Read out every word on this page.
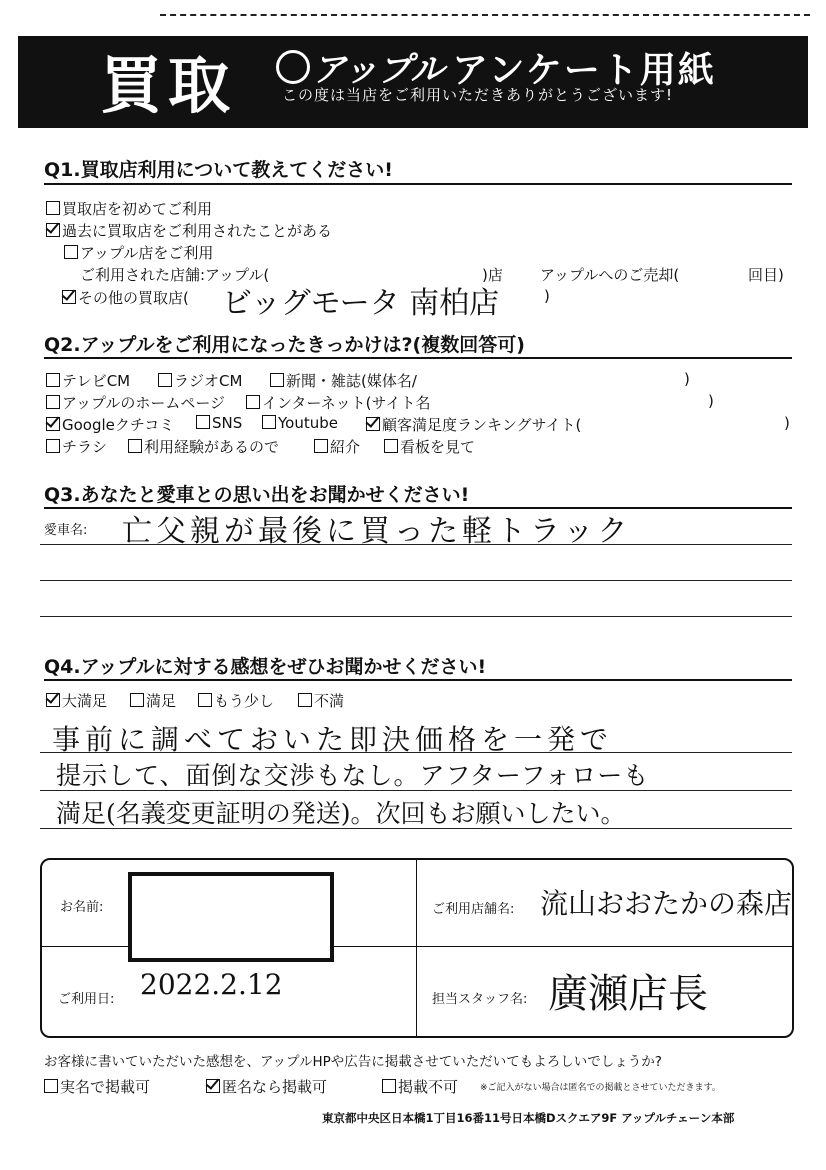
買取 アップル アンケート用紙
この度は当店をご利用いただきありがとうございます!
Q1.買取店利用について教えてください!
買取店を初めてご利用
過去に買取店をご利用されたことがある
アップル店をご利用
ご利用された店舗:アップル(	)店 アップルへのご売却(	回目)
その他の買取店( ビッグモータ 南柏店	)
Q2.アップルをご利用になったきっかけは?(複数回答可)
テレビCM	ラジオCM	新聞・雑誌(媒体名/	)
アップルのホームページ	インターネット(サイト名	)
Googleクチコミ	SNS	Youtube	顧客満足度ランキングサイト(	)
チラシ	利用経験があるので	紹介	看板を見て
Q3.あなたと愛車との思い出をお聞かせください!
愛車名: 亡父親が最後に買った軽トラック
Q4.アップルに対する感想をぜひお聞かせください!
大満足	満足	もう少し	不満
事前に調べておいた即決価格を一発で
提示して、面倒な交渉もなし。アフターフォローも
満足(名義変更証明の発送)。次回もお願いしたい。
お名前:	ご利用店舗名: 流山おおたかの森店
ご利用日: 2022.2.12	担当スタッフ名: 廣瀬店長
お客様に書いていただいた感想を、アップルHPや広告に掲載させていただいてもよろしいでしょうか?
実名で掲載可	匿名なら掲載可	掲載不可 ※ご記入がない場合は匿名での掲載とさせていただきます。
東京都中央区日本橋1丁目16番11号日本橋Dスクエア9F アップルチェーン本部
